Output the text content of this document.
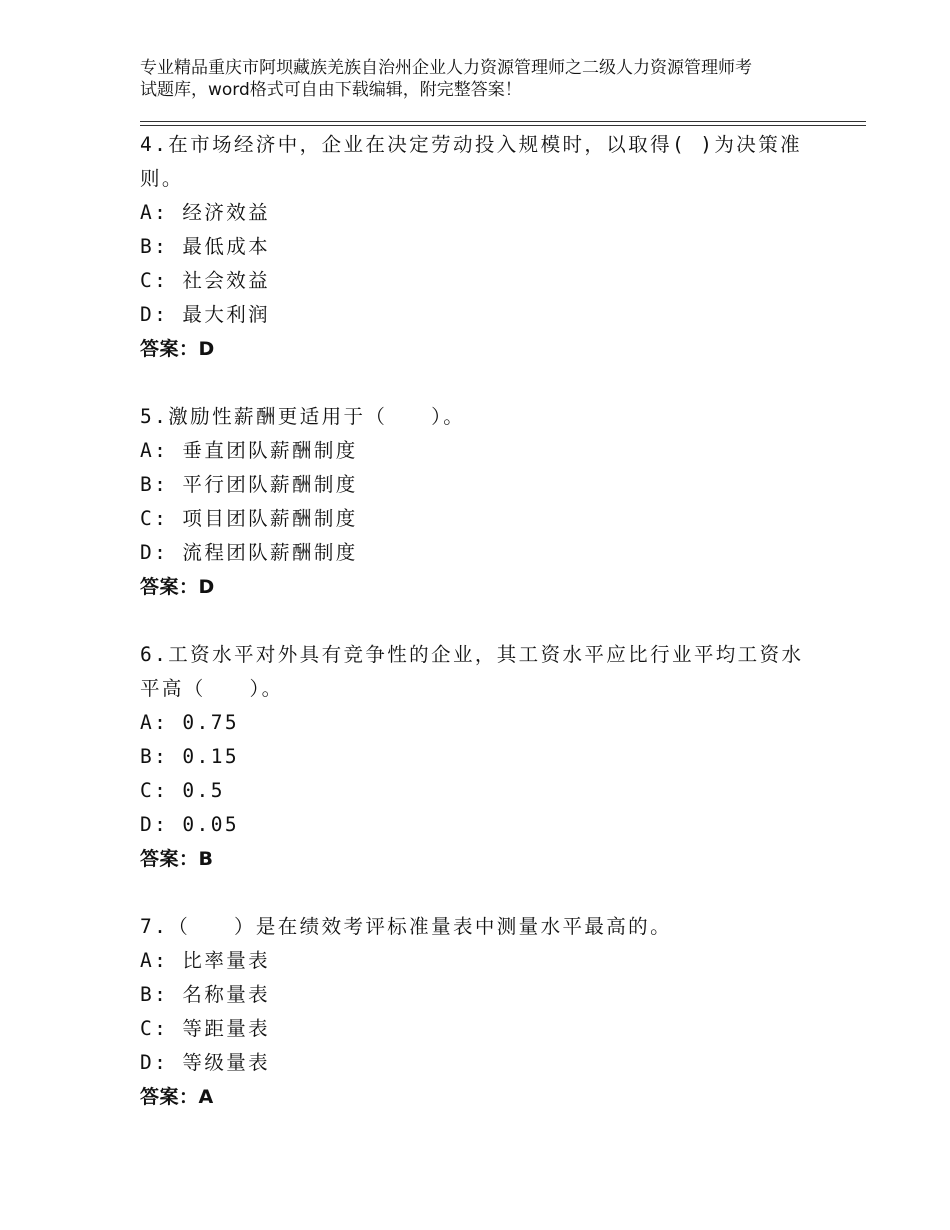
专业精品重庆市阿坝藏族羌族自治州企业人力资源管理师之二级人力资源管理师考
试题库，word格式可自由下载编辑，附完整答案！
4.在市场经济中，企业在决定劳动投入规模时，以取得( )为决策准
则。
A: 经济效益
B: 最低成本
C: 社会效益
D: 最大利润
答案：D
5.激励性薪酬更适用于（　　）。
A: 垂直团队薪酬制度
B: 平行团队薪酬制度
C: 项目团队薪酬制度
D: 流程团队薪酬制度
答案：D
6.工资水平对外具有竞争性的企业，其工资水平应比行业平均工资水
平高（　　）。
A: 0.75
B: 0.15
C: 0.5
D: 0.05
答案：B
7.（　　）是在绩效考评标准量表中测量水平最高的。
A: 比率量表
B: 名称量表
C: 等距量表
D: 等级量表
答案：A
